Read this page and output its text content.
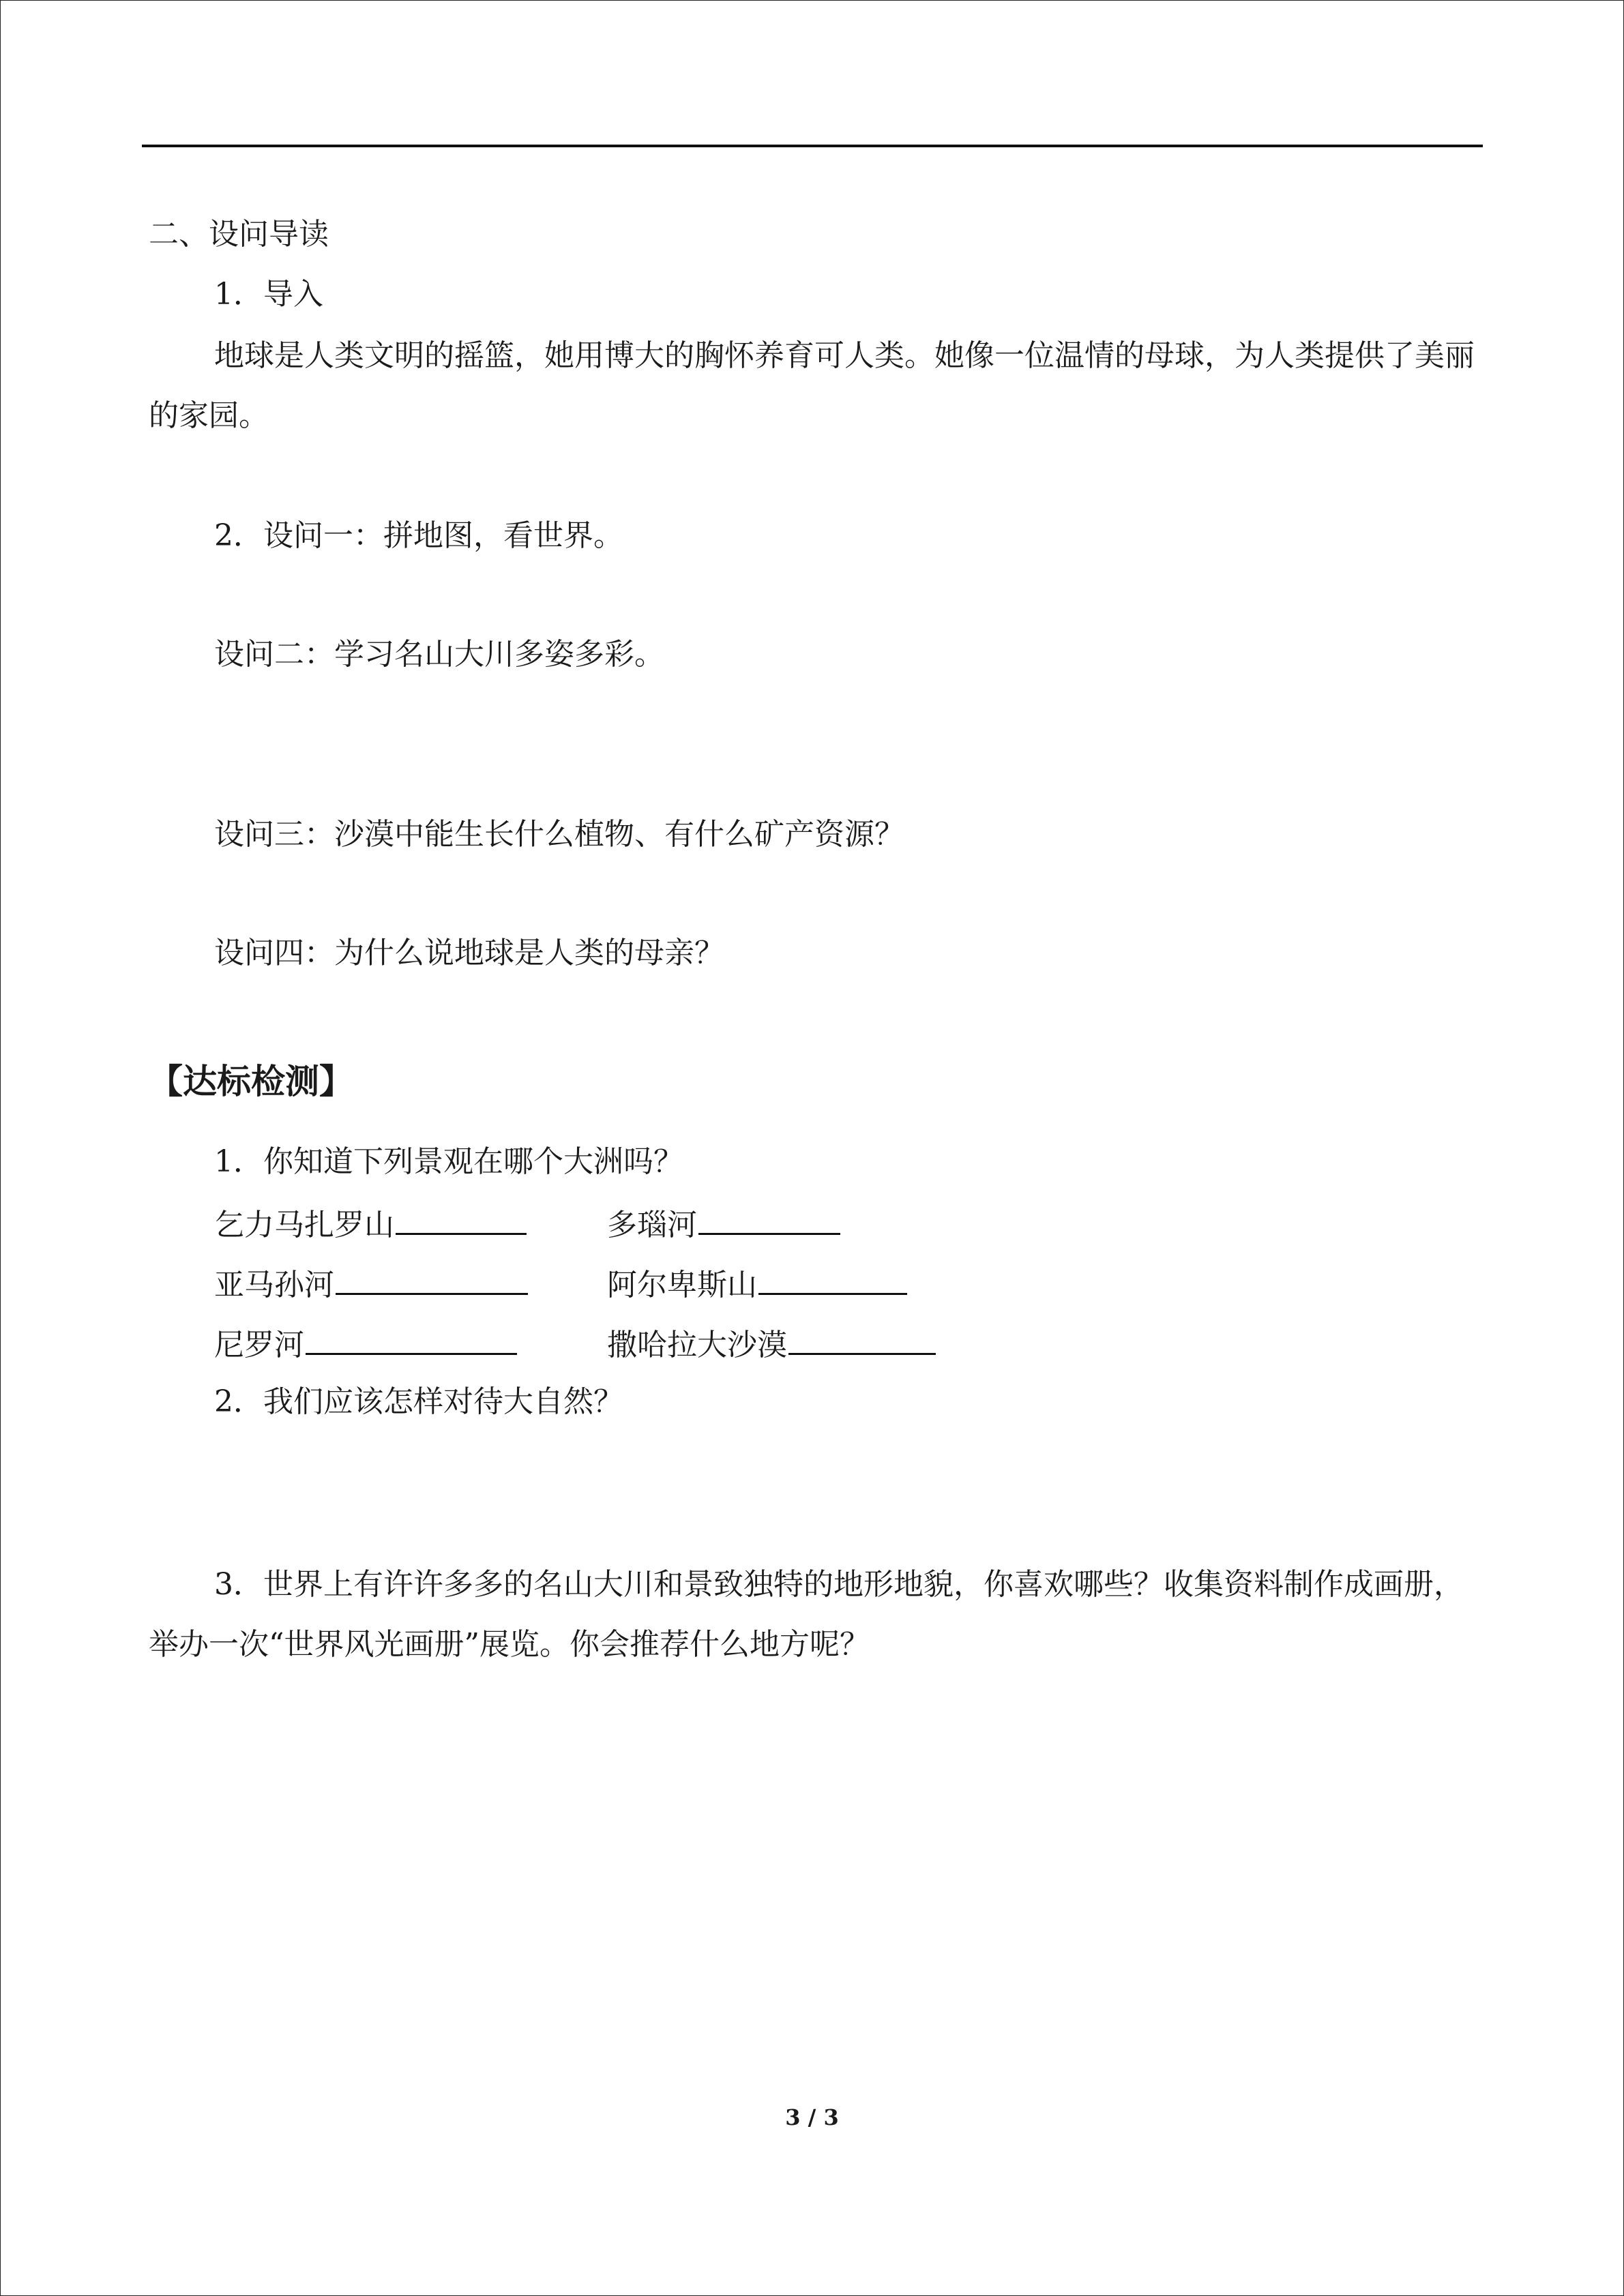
二、设问导读
1．导入
地球是人类文明的摇篮，她用博大的胸怀养育可人类。她像一位温情的母球，为人类提供了美丽的家园。
2．设问一：拼地图，看世界。
设问二：学习名山大川多姿多彩。
设问三：沙漠中能生长什么植物、有什么矿产资源？
设问四：为什么说地球是人类的母亲？
【达标检测】
1．你知道下列景观在哪个大洲吗？
乞力马扎罗山	多瑙河
亚马孙河	阿尔卑斯山
尼罗河	撒哈拉大沙漠
2．我们应该怎样对待大自然？
3．世界上有许许多多的名山大川和景致独特的地形地貌，你喜欢哪些？收集资料制作成画册，举办一次“世界风光画册”展览。你会推荐什么地方呢？
3 / 3
